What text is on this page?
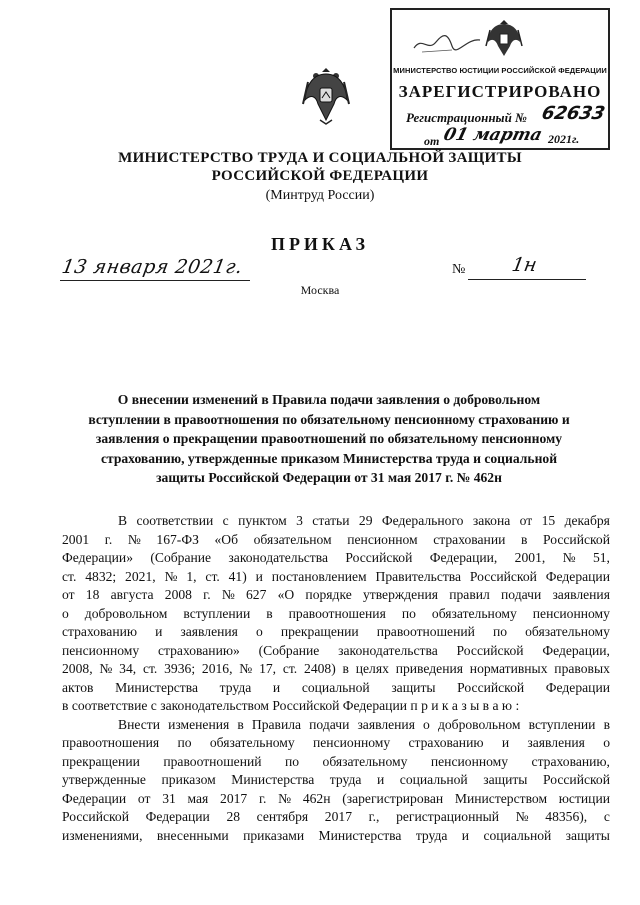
МИНИСТЕРСТВО ЮСТИЦИИ РОССИЙСКОЙ ФЕДЕРАЦИИ
ЗАРЕГИСТРИРОВАНО
Регистрационный № 62633
от 01 марта 2021г.
МИНИСТЕРСТВО ТРУДА И СОЦИАЛЬНОЙ ЗАЩИТЫ
РОССИЙСКОЙ ФЕДЕРАЦИИ
(Минтруд России)
ПРИКАЗ
13 января 2021г.	№ 1н
Москва
О внесении изменений в Правила подачи заявления о добровольном
вступлении в правоотношения по обязательному пенсионному страхованию и
заявления о прекращении правоотношений по обязательному пенсионному
страхованию, утвержденные приказом Министерства труда и социальной
защиты Российской Федерации от 31 мая 2017 г. № 462н
В соответствии с пунктом 3 статьи 29 Федерального закона от 15 декабря
2001 г. № 167-ФЗ «Об обязательном пенсионном страховании в Российской
Федерации» (Собрание законодательства Российской Федерации, 2001, № 51,
ст. 4832; 2021, № 1, ст. 41) и постановлением Правительства Российской Федерации
от 18 августа 2008 г. № 627 «О порядке утверждения правил подачи заявления
о добровольном вступлении в правоотношения по обязательному пенсионному
страхованию и заявления о прекращении правоотношений по обязательному
пенсионному страхованию» (Собрание законодательства Российской Федерации,
2008, № 34, ст. 3936; 2016, № 17, ст. 2408) в целях приведения нормативных правовых
актов Министерства труда и социальной защиты Российской Федерации
в соответствие с законодательством Российской Федерации п р и к а з ы в а ю :
Внести изменения в Правила подачи заявления о добровольном вступлении в
правоотношения по обязательному пенсионному страхованию и заявления о
прекращении правоотношений по обязательному пенсионному страхованию,
утвержденные приказом Министерства труда и социальной защиты Российской
Федерации от 31 мая 2017 г. № 462н (зарегистрирован Министерством юстиции
Российской Федерации 28 сентября 2017 г., регистрационный № 48356), с
изменениями, внесенными приказами Министерства труда и социальной защиты
